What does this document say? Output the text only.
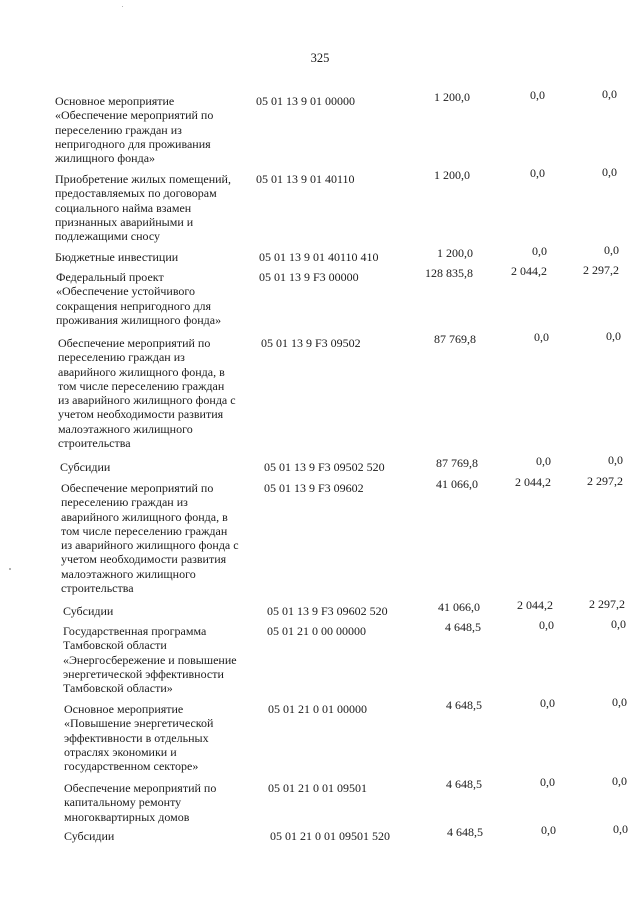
325
Основное мероприятие
«Обеспечение мероприятий по
переселению граждан из
непригодного для проживания
жилищного фонда»
05 01 13 9 01 00000	1 200,0	0,0	0,0
Приобретение жилых помещений,
предоставляемых по договорам
социального найма взамен
признанных аварийными и
подлежащими сносу
05 01 13 9 01 40110	1 200,0	0,0	0,0
Бюджетные инвестиции	05 01 13 9 01 40110 410	1 200,0	0,0	0,0
Федеральный проект
«Обеспечение устойчивого
сокращения непригодного для
проживания жилищного фонда»
05 01 13 9 F3 00000	128 835,8	2 044,2	2 297,2
Обеспечение мероприятий по
переселению граждан из
аварийного жилищного фонда, в
том числе переселению граждан
из аварийного жилищного фонда с
учетом необходимости развития
малоэтажного жилищного
строительства
05 01 13 9 F3 09502	87 769,8	0,0	0,0
Субсидии	05 01 13 9 F3 09502 520	87 769,8	0,0	0,0
Обеспечение мероприятий по
переселению граждан из
аварийного жилищного фонда, в
том числе переселению граждан
из аварийного жилищного фонда с
учетом необходимости развития
малоэтажного жилищного
строительства
05 01 13 9 F3 09602	41 066,0	2 044,2	2 297,2
Субсидии	05 01 13 9 F3 09602 520	41 066,0	2 044,2	2 297,2
Государственная программа
Тамбовской области
«Энергосбережение и повышение
энергетической эффективности
Тамбовской области»
05 01 21 0 00 00000	4 648,5	0,0	0,0
Основное мероприятие
«Повышение энергетической
эффективности в отдельных
отраслях экономики и
государственном секторе»
05 01 21 0 01 00000	4 648,5	0,0	0,0
Обеспечение мероприятий по
капитальному ремонту
многоквартирных домов
05 01 21 0 01 09501	4 648,5	0,0	0,0
Субсидии	05 01 21 0 01 09501 520	4 648,5	0,0	0,0
